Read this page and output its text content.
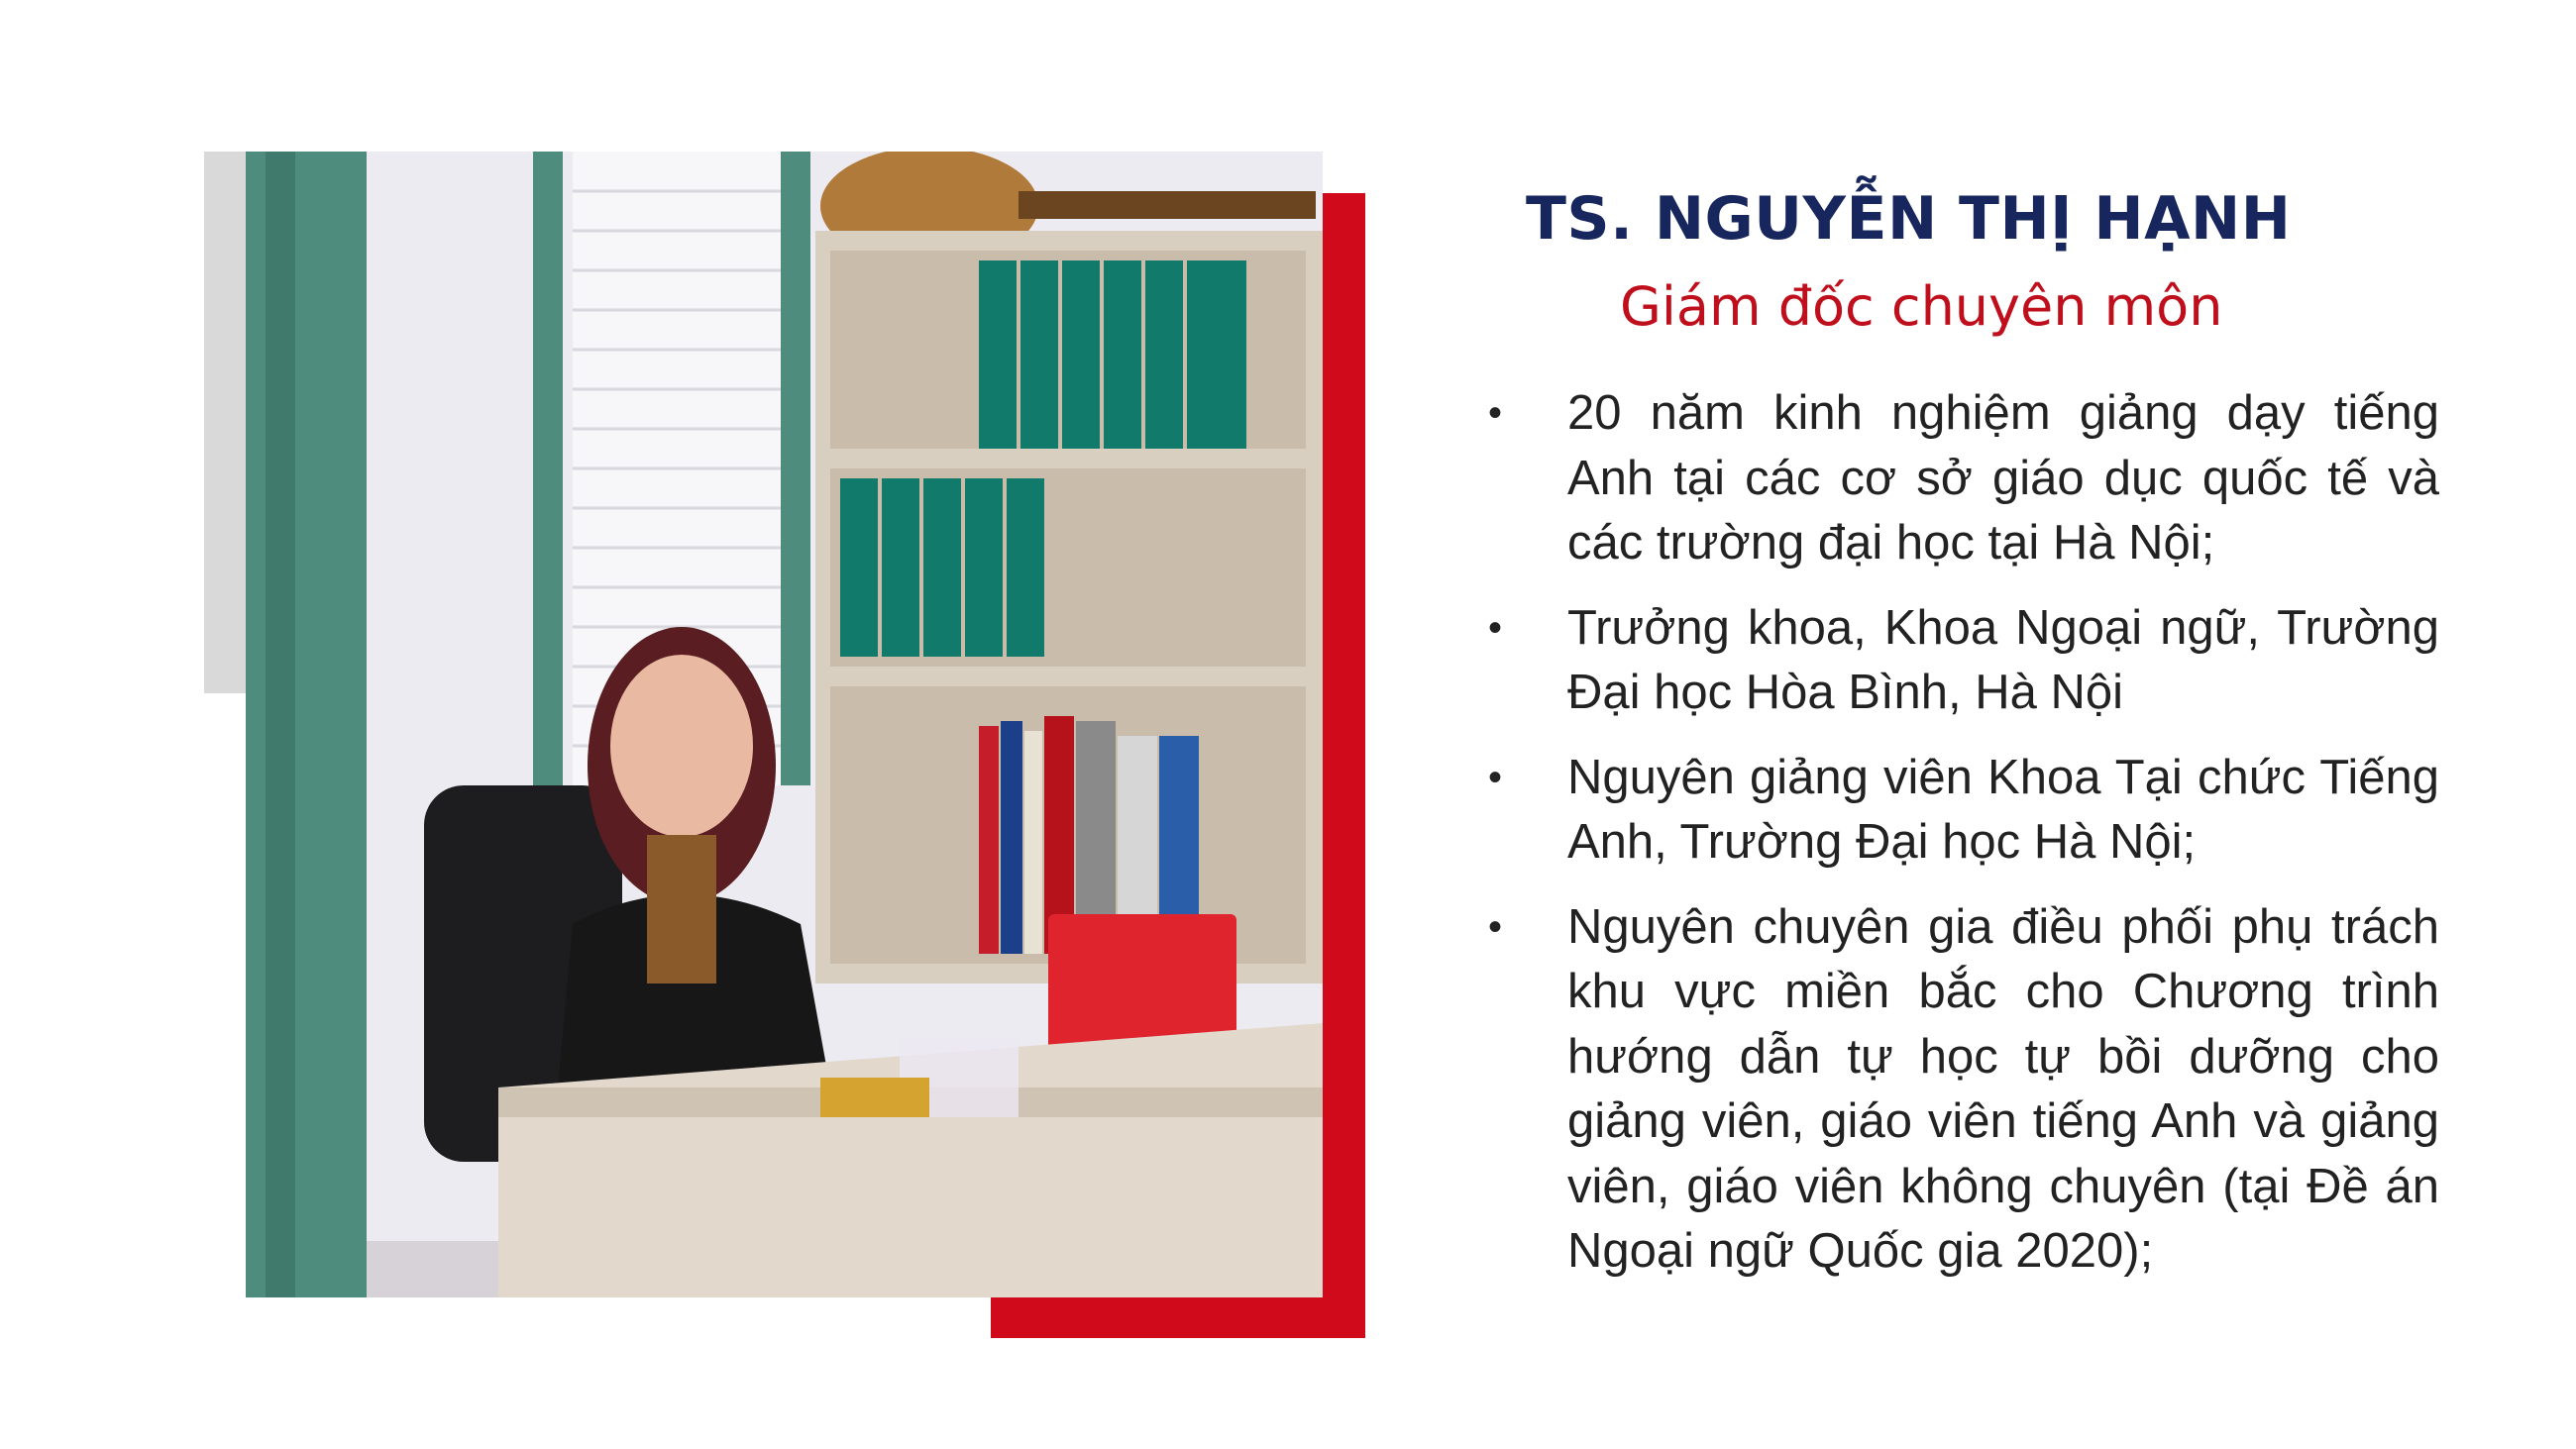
TS. NGUYỄN THỊ HẠNH
Giám đốc chuyên môn
• 20 năm kinh nghiệm giảng dạy tiếng Anh tại các cơ sở giáo dục quốc tế và các trường đại học tại Hà Nội;
• Trưởng khoa, Khoa Ngoại ngữ, Trường Đại học Hòa Bình, Hà Nội
• Nguyên giảng viên Khoa Tại chức Tiếng Anh, Trường Đại học Hà Nội;
• Nguyên chuyên gia điều phối phụ trách khu vực miền bắc cho Chương trình hướng dẫn tự học tự bồi dưỡng cho giảng viên, giáo viên tiếng Anh và giảng viên, giáo viên không chuyên (tại Đề án Ngoại ngữ Quốc gia 2020);
